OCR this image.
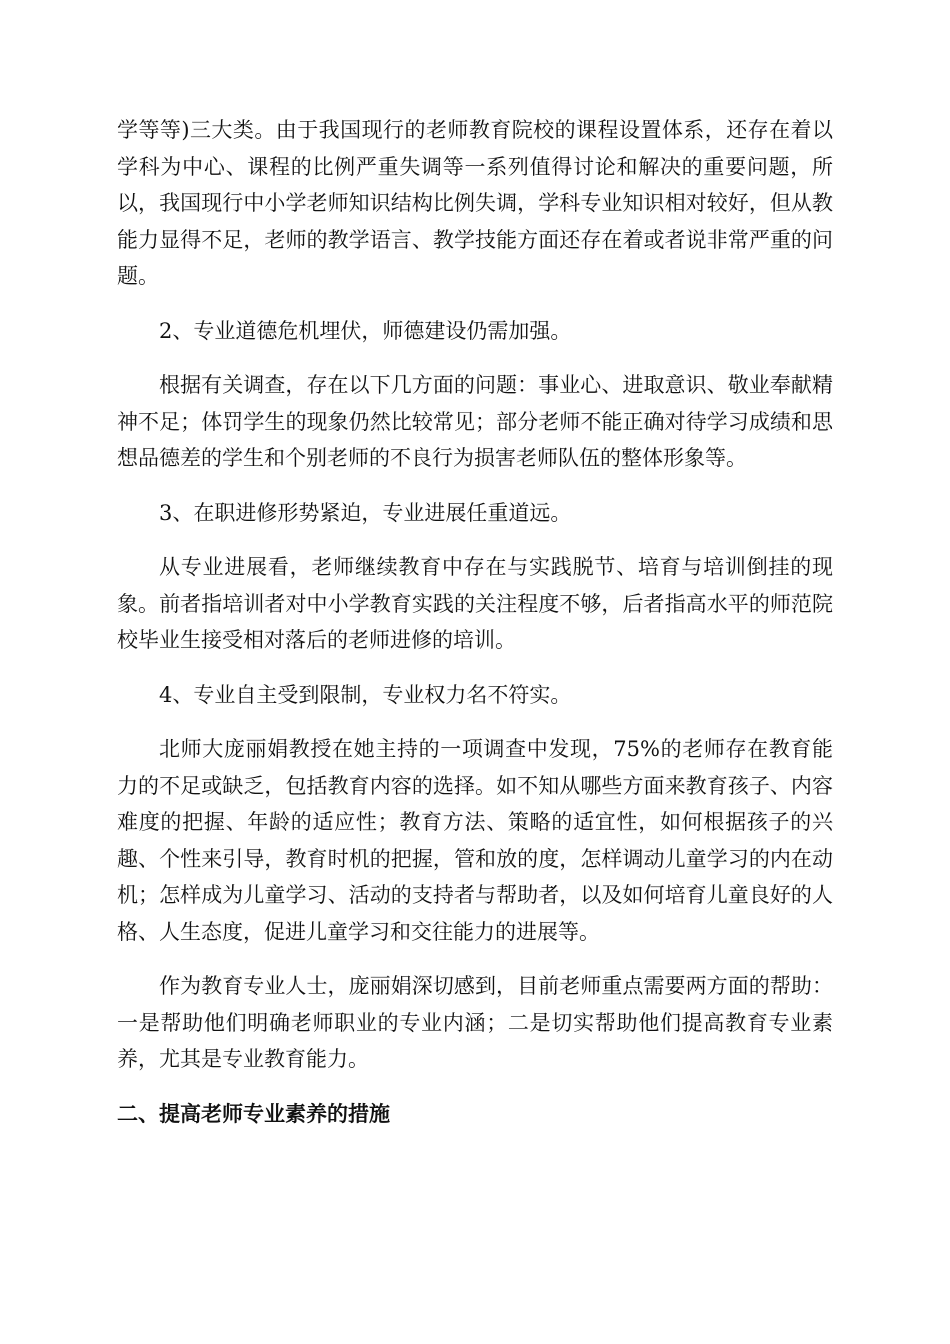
学等等)三大类。由于我国现行的老师教育院校的课程设置体系，还存在着以学科为中心、课程的比例严重失调等一系列值得讨论和解决的重要问题，所以，我国现行中小学老师知识结构比例失调，学科专业知识相对较好，但从教能力显得不足，老师的教学语言、教学技能方面还存在着或者说非常严重的问题。

2、专业道德危机埋伏，师德建设仍需加强。

根据有关调查，存在以下几方面的问题：事业心、进取意识、敬业奉献精神不足；体罚学生的现象仍然比较常见；部分老师不能正确对待学习成绩和思想品德差的学生和个别老师的不良行为损害老师队伍的整体形象等。

3、在职进修形势紧迫，专业进展任重道远。

从专业进展看，老师继续教育中存在与实践脱节、培育与培训倒挂的现象。前者指培训者对中小学教育实践的关注程度不够，后者指高水平的师范院校毕业生接受相对落后的老师进修的培训。

4、专业自主受到限制，专业权力名不符实。

北师大庞丽娟教授在她主持的一项调查中发现，75%的老师存在教育能力的不足或缺乏，包括教育内容的选择。如不知从哪些方面来教育孩子、内容难度的把握、年龄的适应性；教育方法、策略的适宜性，如何根据孩子的兴趣、个性来引导，教育时机的把握，管和放的度，怎样调动儿童学习的内在动机；怎样成为儿童学习、活动的支持者与帮助者，以及如何培育儿童良好的人格、人生态度，促进儿童学习和交往能力的进展等。

作为教育专业人士，庞丽娟深切感到，目前老师重点需要两方面的帮助：一是帮助他们明确老师职业的专业内涵；二是切实帮助他们提高教育专业素养，尤其是专业教育能力。

二、提高老师专业素养的措施
